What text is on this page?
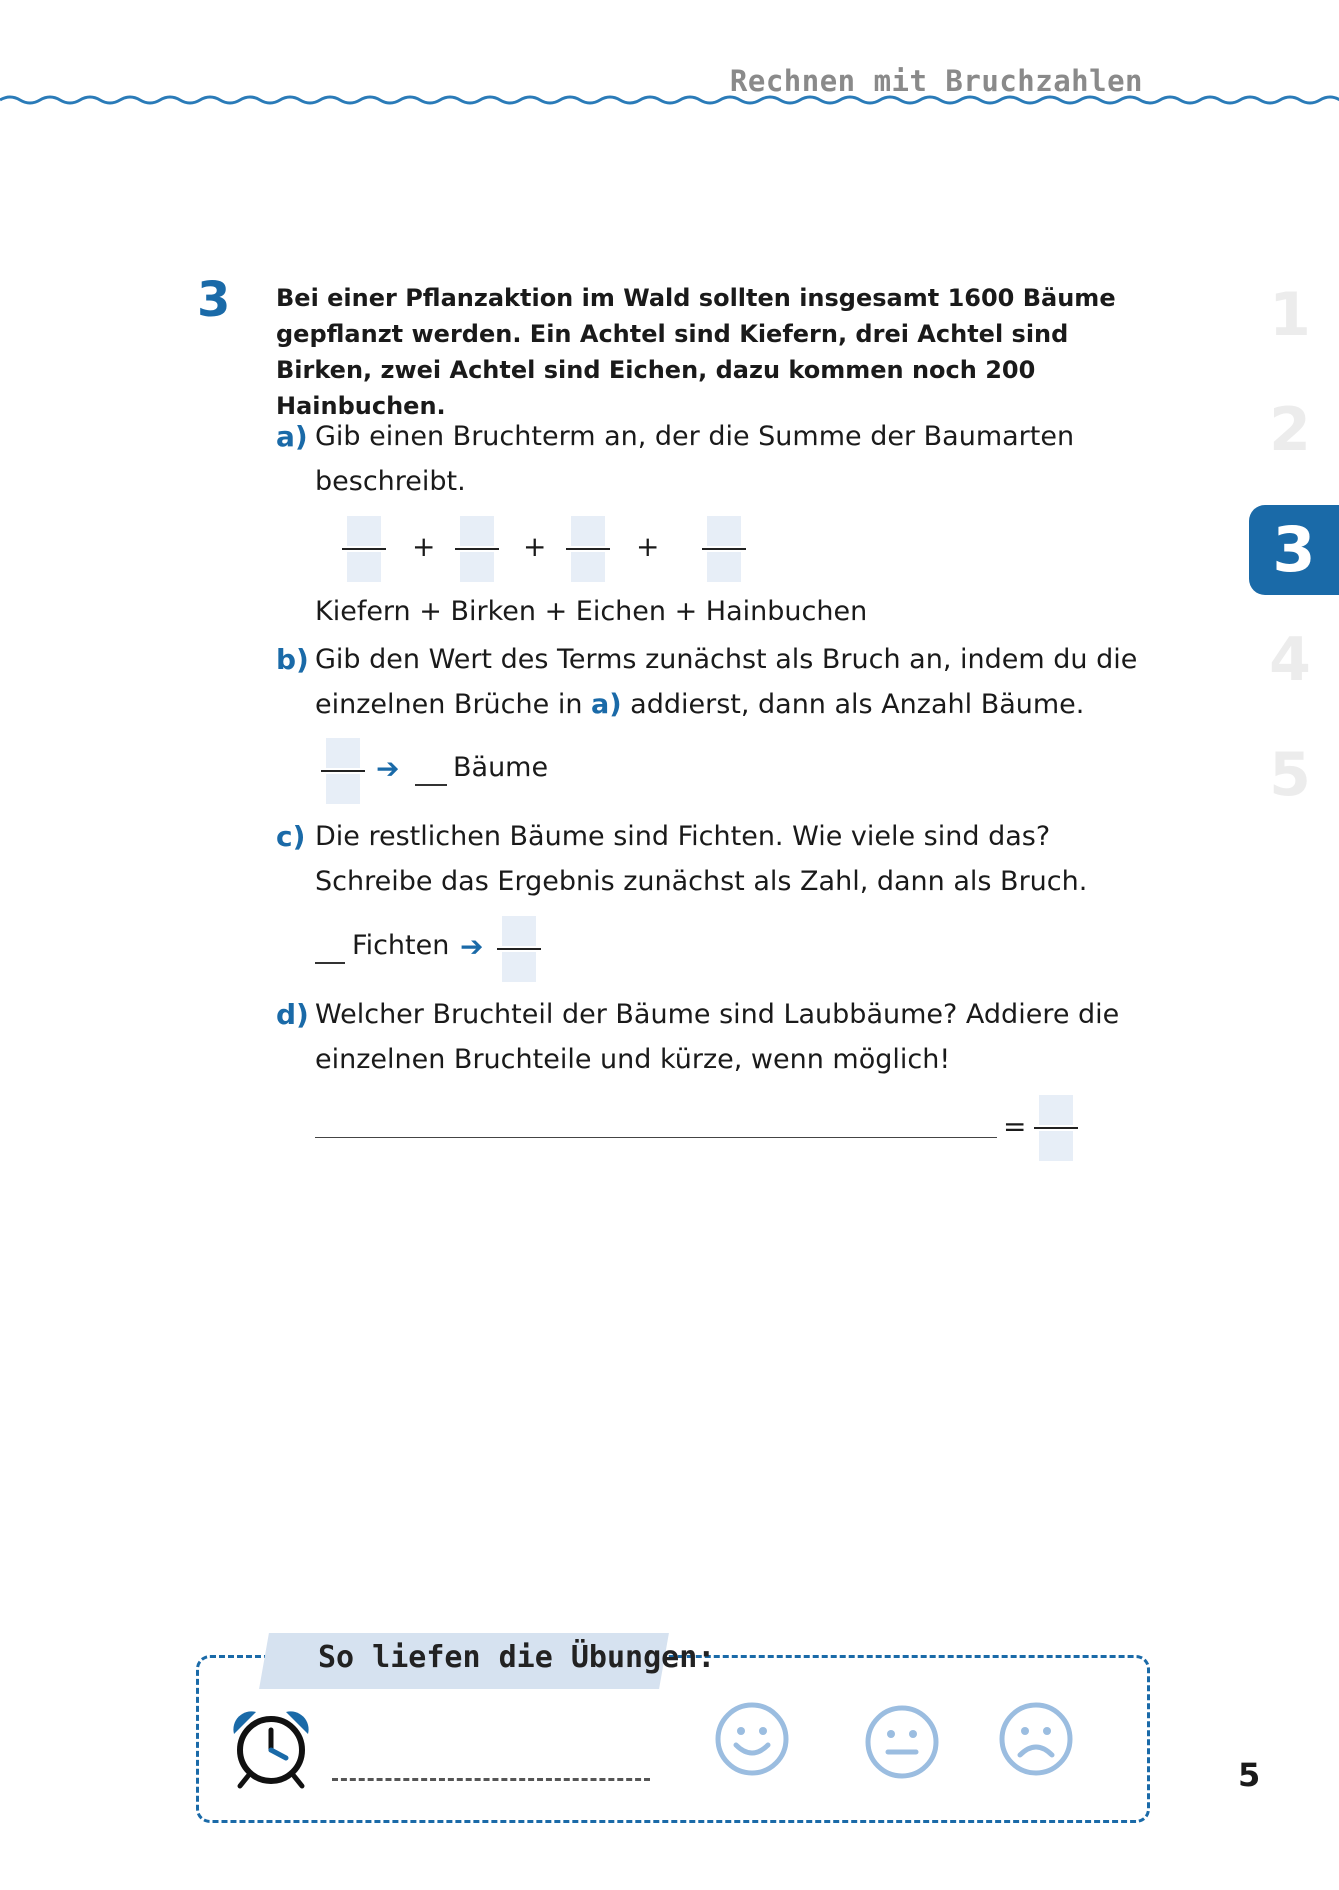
Rechnen mit Bruchzahlen
1
2
3
4
5
3 Bei einer Pflanzaktion im Wald sollten insgesamt 1600 Bäume gepflanzt werden. Ein Achtel sind Kiefern, drei Achtel sind Birken, zwei Achtel sind Eichen, dazu kommen noch 200 Hainbuchen.
a) Gib einen Bruchterm an, der die Summe der Baumarten beschreibt.
+	+	+
Kiefern + Birken + Eichen + Hainbuchen
b) Gib den Wert des Terms zunächst als Bruch an, indem du die einzelnen Brüche in a) addierst, dann als Anzahl Bäume.
➔ Bäume
c) Die restlichen Bäume sind Fichten. Wie viele sind das? Schreibe das Ergebnis zunächst als Zahl, dann als Bruch.
Fichten ➔
d) Welcher Bruchteil der Bäume sind Laubbäume? Addiere die einzelnen Bruchteile und kürze, wenn möglich!
=
So liefen die Übungen:
5
